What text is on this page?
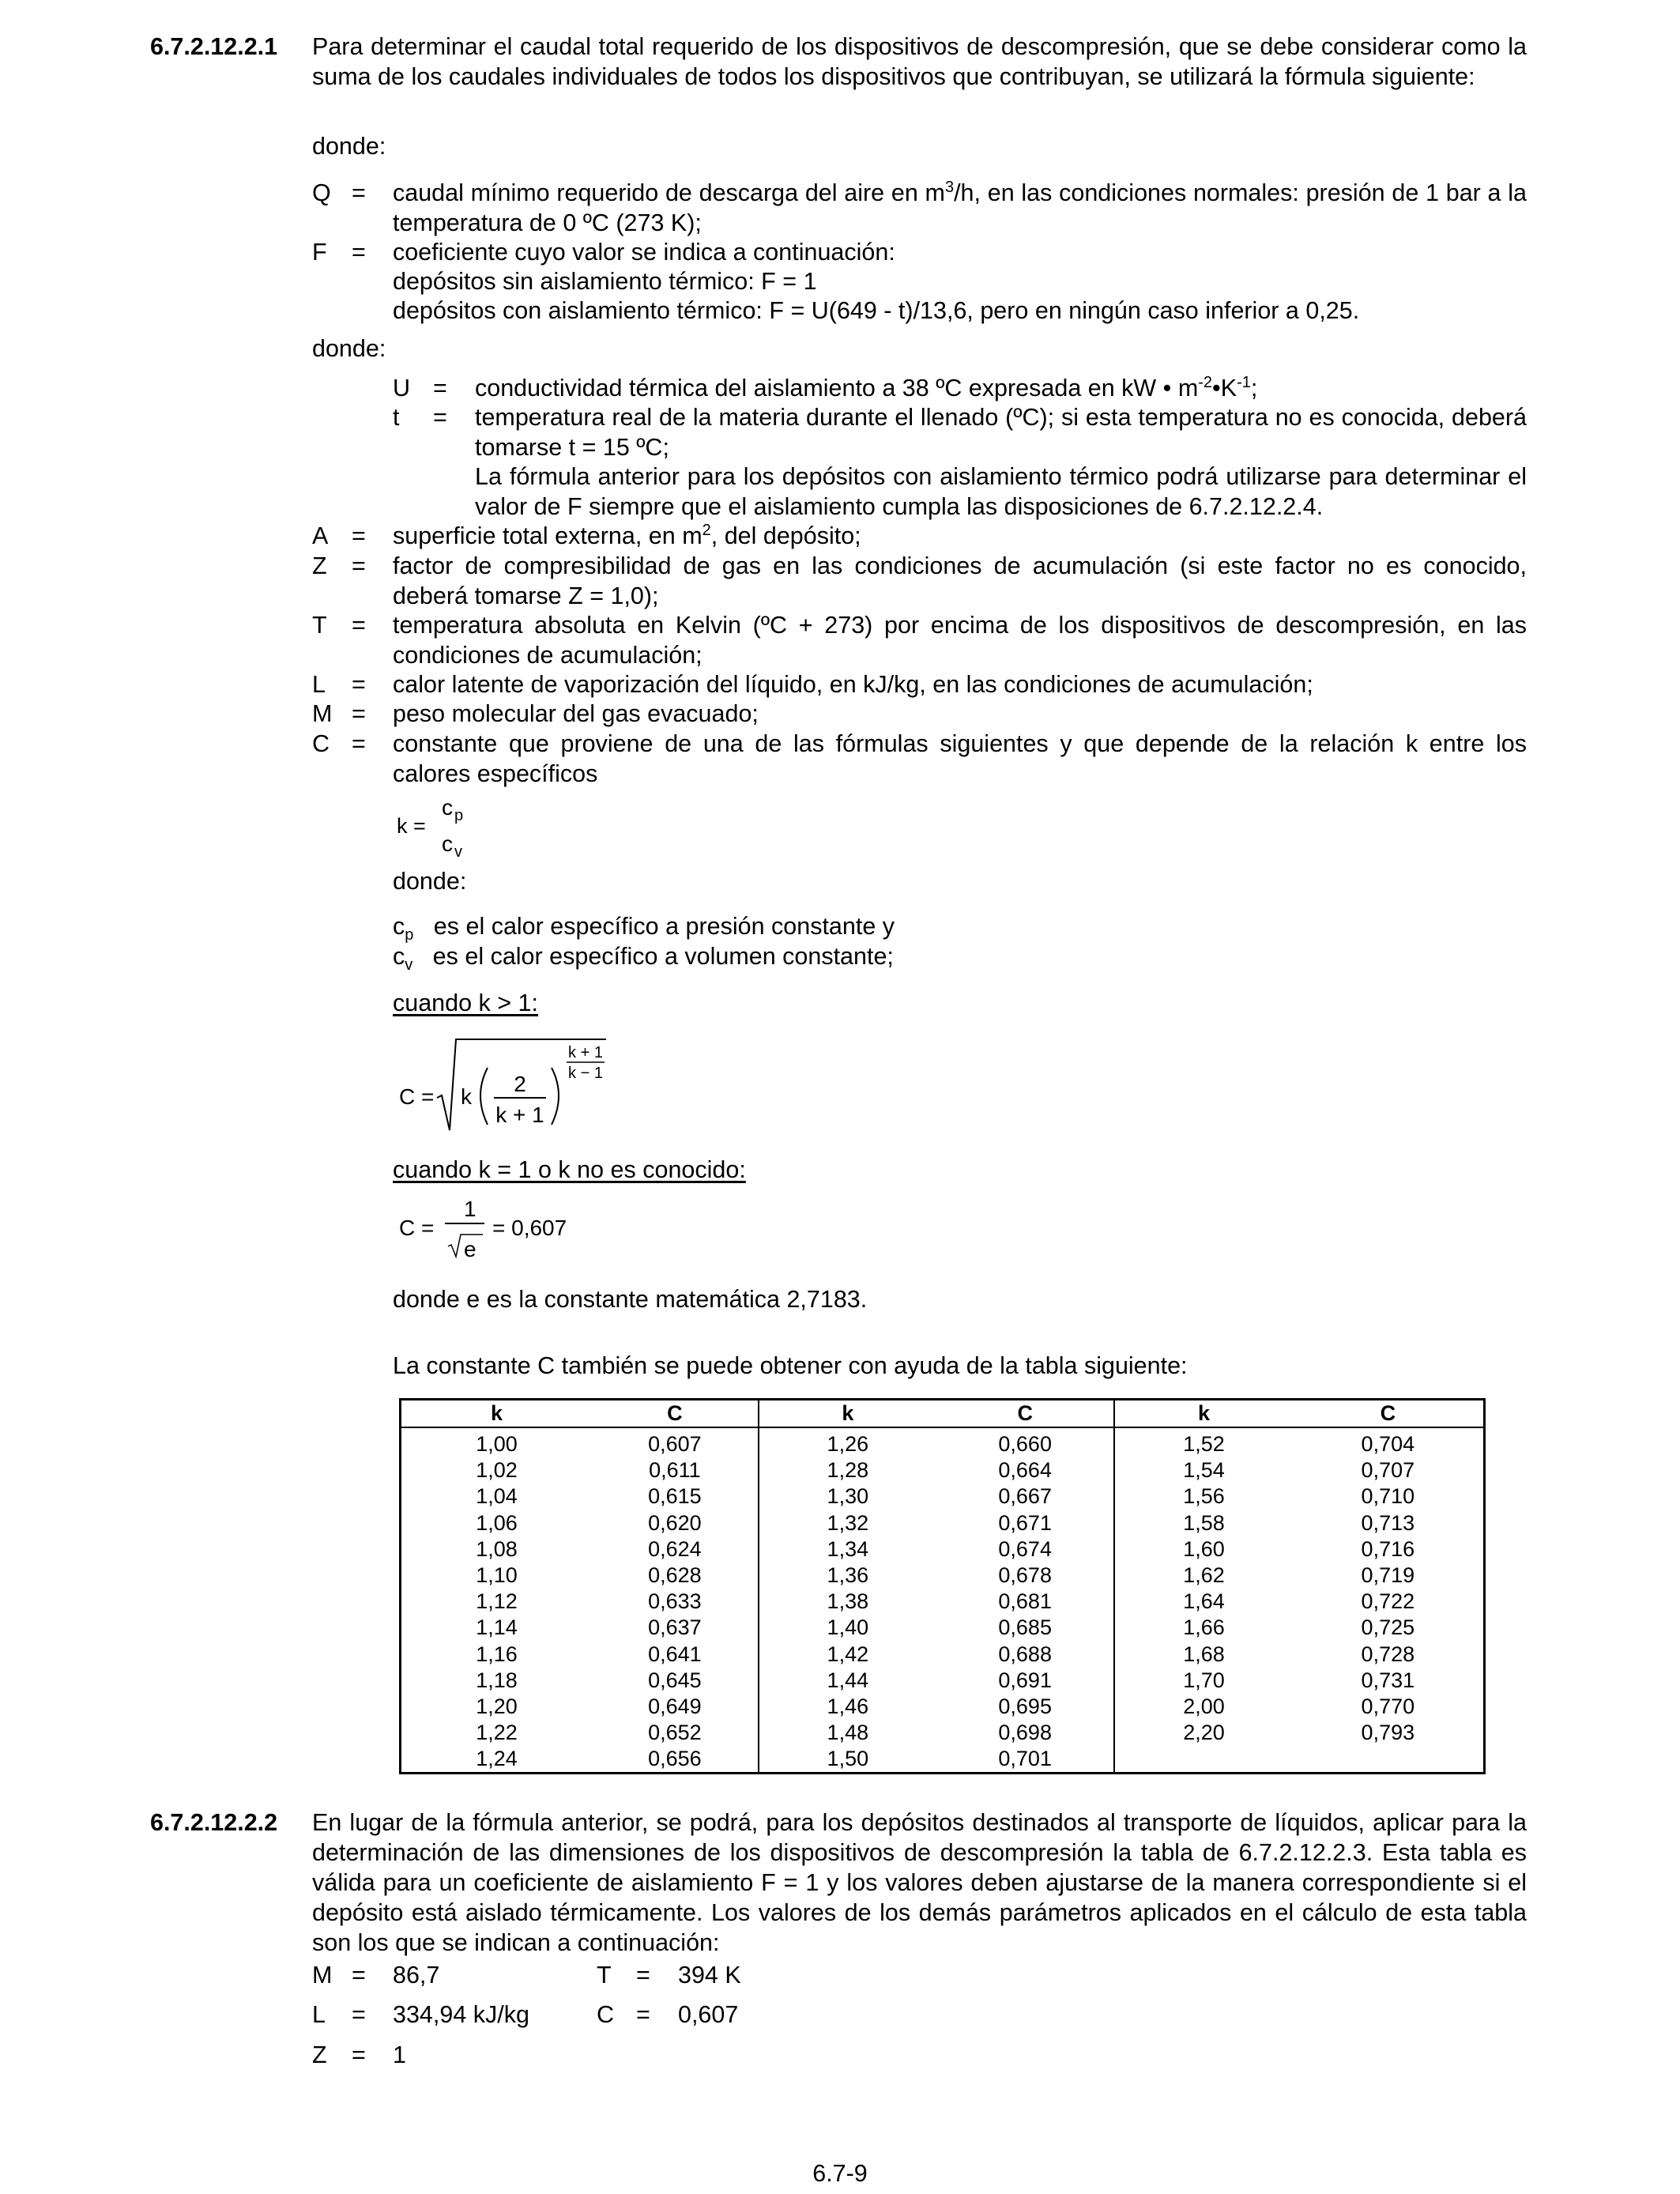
6.7.2.12.2.1 Para determinar el caudal total requerido de los dispositivos de descompresión, que se debe considerar como la suma de los caudales individuales de todos los dispositivos que contribuyan, se utilizará la fórmula siguiente:
donde:
Q =	caudal mínimo requerido de descarga del aire en $m^3/h$, en las condiciones normales: presión de 1 bar a la temperatura de 0 ºC (273 K);
F	=	coeficiente cuyo valor se indica a continuación:
depósitos sin aislamiento térmico: F = 1
depósitos con aislamiento térmico: F = U(649 - t)/13,6, pero en ningún caso inferior a 0,25.
donde:
U =	conductividad térmica del aislamiento a 38 ºC expresada en kW • $m^{-2}•K^{-1}$;
t	=	temperatura real de la materia durante el llenado (ºC); si esta temperatura no es conocida, deberá tomarse t = 15 ºC;
La fórmula anterior para los depósitos con aislamiento térmico podrá utilizarse para determinar el valor de F siempre que el aislamiento cumpla las disposiciones de 6.7.2.12.2.4.
A =	superficie total externa, en $m^2$, del depósito;
Z	=	factor de compresibilidad de gas en las condiciones de acumulación (si este factor no es conocido, deberá tomarse Z = 1,0);
T	=	temperatura absoluta en Kelvin (ºC + 273) por encima de los dispositivos de descompresión, en las condiciones de acumulación;
L	=	calor latente de vaporización del líquido, en kJ/kg, en las condiciones de acumulación;
M =	peso molecular del gas evacuado;
C =	constante que proviene de una de las fórmulas siguientes y que depende de la relación k entre los calores específicos
k =
c p
c v
donde:
$c_p$ es el calor específico a presión constante y
$c_v$ es el calor específico a volumen constante;
cuando k > 1:
C = k
2
k + 1
k + 1
k − 1
cuando k = 1 o k no es conocido:
C =
1
e
= 0,607
donde e es la constante matemática 2,7183.
La constante C también se puede obtener con ayuda de la tabla siguiente:
k	C	k	C	k	C
1,00	0,607	1,26	0,660	1,52	0,704
1,02	0,611	1,28	0,664	1,54	0,707
1,04	0,615	1,30	0,667	1,56	0,710
1,06	0,620	1,32	0,671	1,58	0,713
1,08	0,624	1,34	0,674	1,60	0,716
1,10	0,628	1,36	0,678	1,62	0,719
1,12	0,633	1,38	0,681	1,64	0,722
1,14	0,637	1,40	0,685	1,66	0,725
1,16	0,641	1,42	0,688	1,68	0,728
1,18	0,645	1,44	0,691	1,70	0,731
1,20	0,649	1,46	0,695	2,00	0,770
1,22	0,652	1,48	0,698	2,20	0,793
1,24	0,656	1,50	0,701		
6.7.2.12.2.2 En lugar de la fórmula anterior, se podrá, para los depósitos destinados al transporte de líquidos, aplicar para la determinación de las dimensiones de los dispositivos de descompresión la tabla de 6.7.2.12.2.3. Esta tabla es válida para un coeficiente de aislamiento F = 1 y los valores deben ajustarse de la manera correspondiente si el depósito está aislado térmicamente. Los valores de los demás parámetros aplicados en el cálculo de esta tabla son los que se indican a continuación:
M =	86,7	T = 394 K
L	=	334,94 kJ/kg	C = 0,607
Z	=	1
6.7-9
